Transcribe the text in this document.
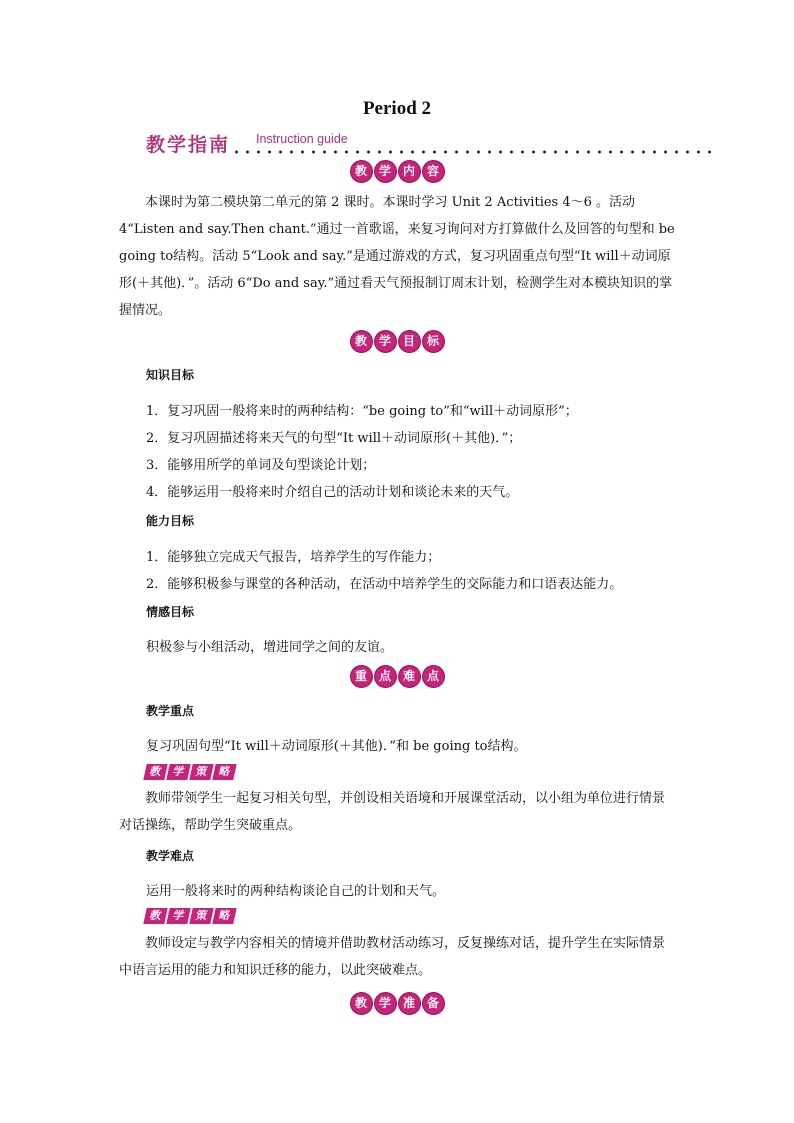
Period 2
教学指南 Instruction guide
教 学 内 容
本课时为第二模块第二单元的第 2 课时。本课时学习 Unit 2 Activities 4～6 。活动4“Listen and say.Then chant.”通过一首歌谣，来复习询问对方打算做什么及回答的句型和 be going to结构。活动 5“Look and say.”是通过游戏的方式，复习巩固重点句型“It will＋动词原形(＋其他)．”。活动 6“Do and say.”通过看天气预报制订周末计划，检测学生对本模块知识的掌握情况。
教 学 目 标
知识目标
1．复习巩固一般将来时的两种结构：“be going to”和“will＋动词原形”；
2．复习巩固描述将来天气的句型“It will＋动词原形(＋其他)．”；
3．能够用所学的单词及句型谈论计划；
4．能够运用一般将来时介绍自己的活动计划和谈论未来的天气。
能力目标
1．能够独立完成天气报告，培养学生的写作能力；
2．能够积极参与课堂的各种活动，在活动中培养学生的交际能力和口语表达能力。
情感目标
积极参与小组活动，增进同学之间的友谊。
重 点 难 点
教学重点
复习巩固句型“It will＋动词原形(＋其他)．”和 be going to结构。
教 学 策 略
教师带领学生一起复习相关句型，并创设相关语境和开展课堂活动，以小组为单位进行情景对话操练，帮助学生突破重点。
教学难点
运用一般将来时的两种结构谈论自己的计划和天气。
教 学 策 略
教师设定与教学内容相关的情境并借助教材活动练习，反复操练对话，提升学生在实际情景中语言运用的能力和知识迁移的能力，以此突破难点。
教 学 准 备
